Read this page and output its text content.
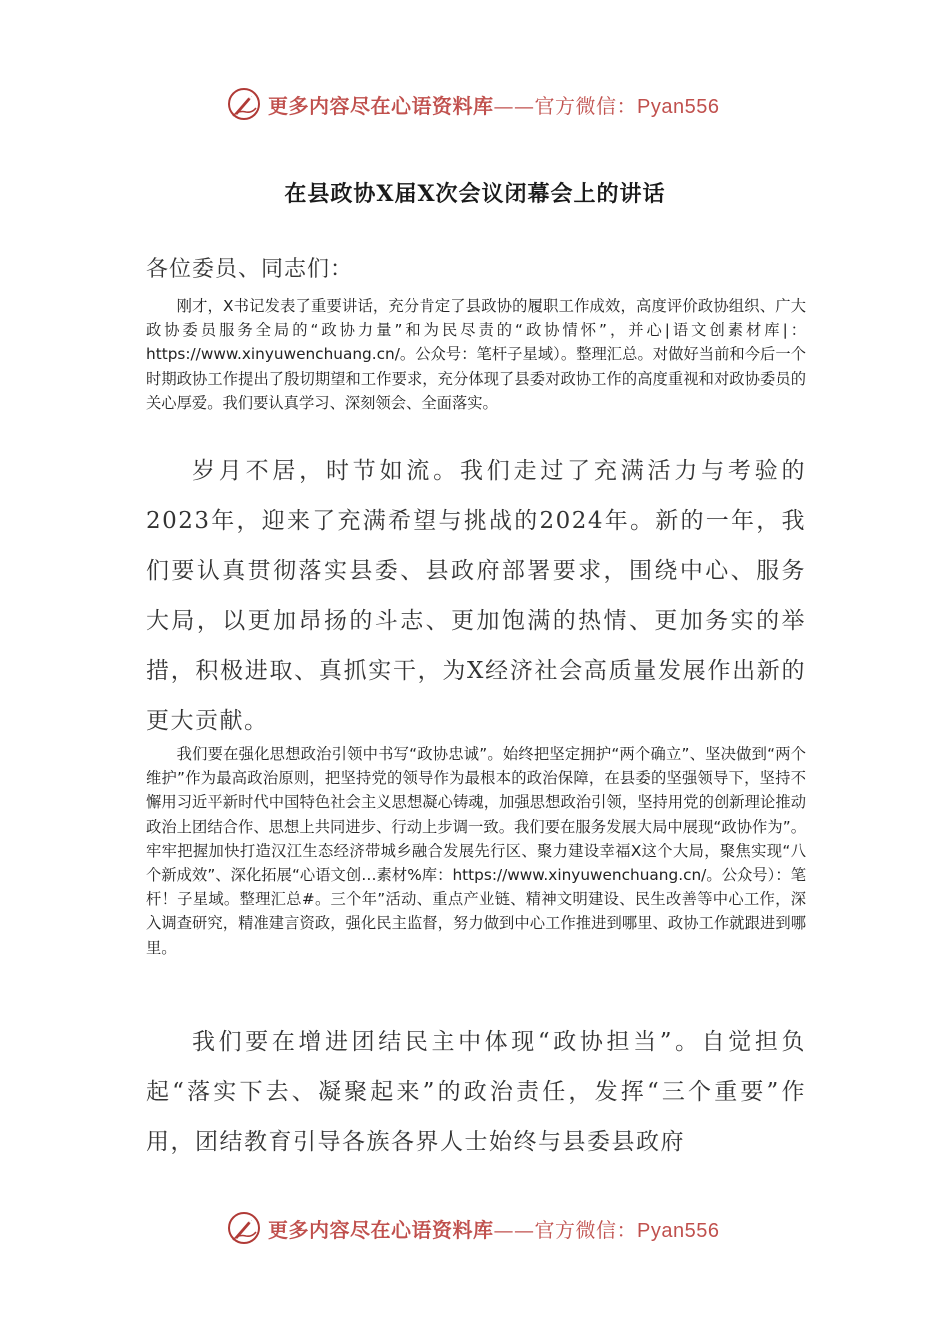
更多内容尽在心语资料库——官方微信：Pyan556
在县政协X届X次会议闭幕会上的讲话

各位委员、同志们：

刚才，X书记发表了重要讲话，充分肯定了县政协的履职工作成效，高度评价政协组织、广大政协委员服务全局的“政协力量”和为民尽责的“政协情怀”，并心|语文创素材库|：https://www.xinyuwenchuang.cn/。公众号：笔杆子星域）。整理汇总。对做好当前和今后一个时期政协工作提出了殷切期望和工作要求，充分体现了县委对政协工作的高度重视和对政协委员的关心厚爱。我们要认真学习、深刻领会、全面落实。

岁月不居，时节如流。我们走过了充满活力与考验的2023年，迎来了充满希望与挑战的2024年。新的一年，我们要认真贯彻落实县委、县政府部署要求，围绕中心、服务大局，以更加昂扬的斗志、更加饱满的热情、更加务实的举措，积极进取、真抓实干，为X经济社会高质量发展作出新的更大贡献。

我们要在强化思想政治引领中书写“政协忠诚”。始终把坚定拥护“两个确立”、坚决做到“两个维护”作为最高政治原则，把坚持党的领导作为最根本的政治保障，在县委的坚强领导下，坚持不懈用习近平新时代中国特色社会主义思想凝心铸魂，加强思想政治引领，坚持用党的创新理论推动政治上团结合作、思想上共同进步、行动上步调一致。我们要在服务发展大局中展现“政协作为”。牢牢把握加快打造汉江生态经济带城乡融合发展先行区、聚力建设幸福X这个大局，聚焦实现“八个新成效”、深化拓展“心语文创…素材%库：https://www.xinyuwenchuang.cn/。公众号）：笔杆！子星域。整理汇总#。三个年”活动、重点产业链、精神文明建设、民生改善等中心工作，深入调查研究，精准建言资政，强化民主监督，努力做到中心工作推进到哪里、政协工作就跟进到哪里。

我们要在增进团结民主中体现“政协担当”。自觉担负起“落实下去、凝聚起来”的政治责任，发挥“三个重要”作用，团结教育引导各族各界人士始终与县委县政府

更多内容尽在心语资料库——官方微信：Pyan556
